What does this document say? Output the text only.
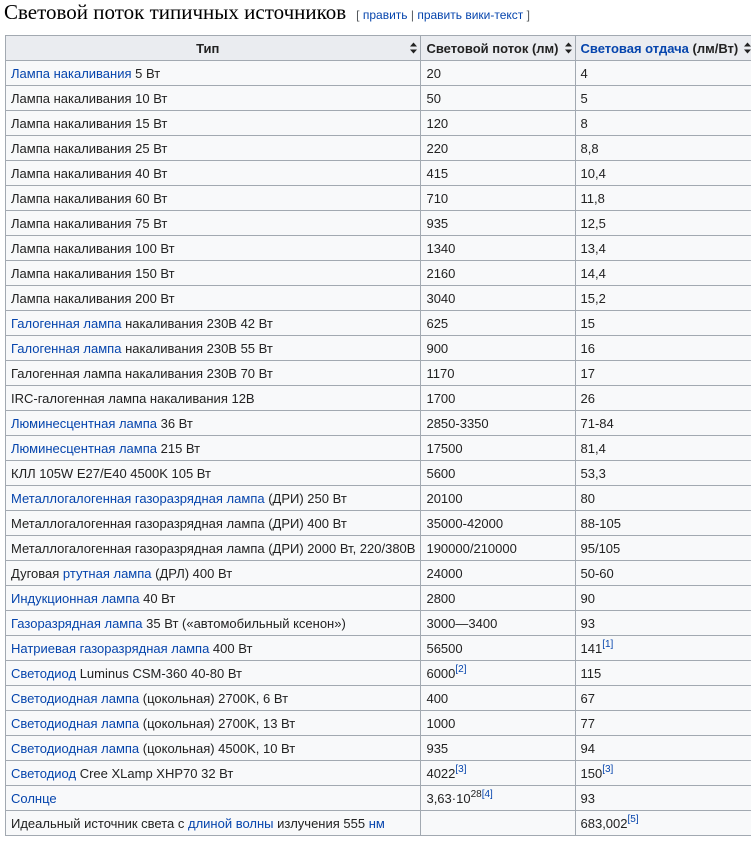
Световой поток типичных источников [ править | править вики-текст ]
Тип	Световой поток (лм)	Световая отдача (лм/Вт)

Лампа накаливания 5 Вт	20	4
Лампа накаливания 10 Вт	50	5
Лампа накаливания 15 Вт	120	8
Лампа накаливания 25 Вт	220	8,8
Лампа накаливания 40 Вт	415	10,4
Лампа накаливания 60 Вт	710	11,8
Лампа накаливания 75 Вт	935	12,5
Лампа накаливания 100 Вт	1340	13,4
Лампа накаливания 150 Вт	2160	14,4
Лампа накаливания 200 Вт	3040	15,2
Галогенная лампа накаливания 230В 42 Вт	625	15
Галогенная лампа накаливания 230В 55 Вт	900	16
Галогенная лампа накаливания 230В 70 Вт	1170	17
IRC-галогенная лампа накаливания 12В	1700	26
Люминесцентная лампа 36 Вт	2850-3350	71-84
Люминесцентная лампа 215 Вт	17500	81,4
КЛЛ 105W E27/E40 4500K 105 Вт	5600	53,3
Металлогалогенная газоразрядная лампа (ДРИ) 250 Вт	20100	80
Металлогалогенная газоразрядная лампа (ДРИ) 400 Вт	35000-42000	88-105
Металлогалогенная газоразрядная лампа (ДРИ) 2000 Вт, 220/380В	190000/210000	95/105
Дуговая ртутная лампа (ДРЛ) 400 Вт	24000	50-60
Индукционная лампа 40 Вт	2800	90
Газоразрядная лампа 35 Вт («автомобильный ксенон»)	3000—3400	93
Натриевая газоразрядная лампа 400 Вт	56500	141[1]
Светодиод Luminus CSM-360 40-80 Вт	6000[2]	115
Светодиодная лампа (цокольная) 2700K, 6 Вт	400	67
Светодиодная лампа (цокольная) 2700K, 13 Вт	1000	77
Светодиодная лампа (цокольная) 4500K, 10 Вт	935	94
Светодиод Cree XLamp XHP70 32 Вт	4022[3]	150[3]
Солнце	3,63·10$^{28[4]}$	93
Идеальный источник света с длиной волны излучения 555 нм		683,002[5]
